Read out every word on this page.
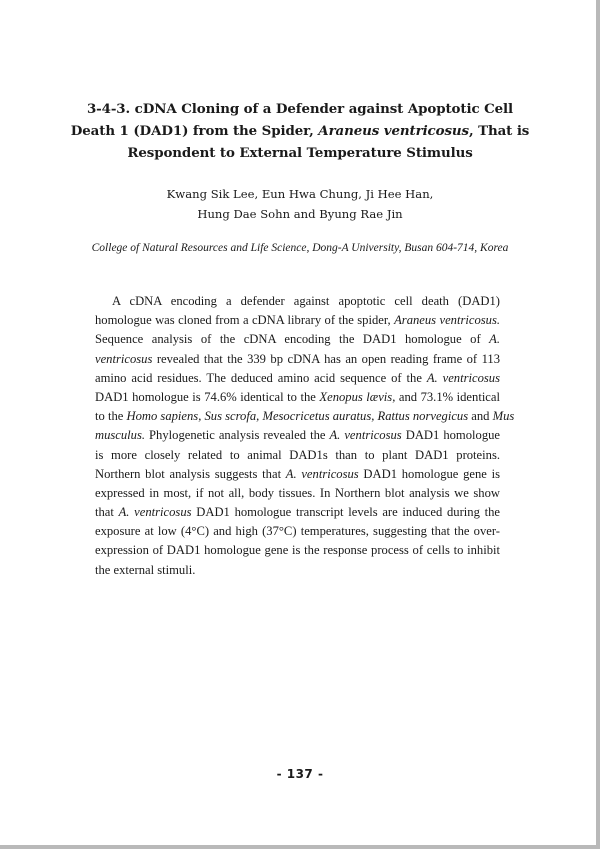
3-4-3. cDNA Cloning of a Defender against Apoptotic Cell
Death 1 (DAD1) from the Spider, Araneus ventricosus, That is
Respondent to External Temperature Stimulus
Kwang Sik Lee, Eun Hwa Chung, Ji Hee Han,
Hung Dae Sohn and Byung Rae Jin
College of Natural Resources and Life Science, Dong-A University, Busan 604-714, Korea
A cDNA encoding a defender against apoptotic cell death (DAD1)
homologue was cloned from a cDNA library of the spider, Araneus ventricosus.
Sequence analysis of the cDNA encoding the DAD1 homologue of A.
ventricosus revealed that the 339 bp cDNA has an open reading frame of 113
amino acid residues. The deduced amino acid sequence of the A. ventricosus
DAD1 homologue is 74.6% identical to the Xenopus lævis, and 73.1% identical
to the Homo sapiens, Sus scrofa, Mesocricetus auratus, Rattus norvegicus and Mus
musculus. Phylogenetic analysis revealed the A. ventricosus DAD1 homologue
is more closely related to animal DAD1s than to plant DAD1 proteins.
Northern blot analysis suggests that A. ventricosus DAD1 homologue gene is
expressed in most, if not all, body tissues. In Northern blot analysis we show
that A. ventricosus DAD1 homologue transcript levels are induced during the
exposure at low (4°C) and high (37°C) temperatures, suggesting that the over-
expression of DAD1 homologue gene is the response process of cells to inhibit
the external stimuli.
- 137 -
